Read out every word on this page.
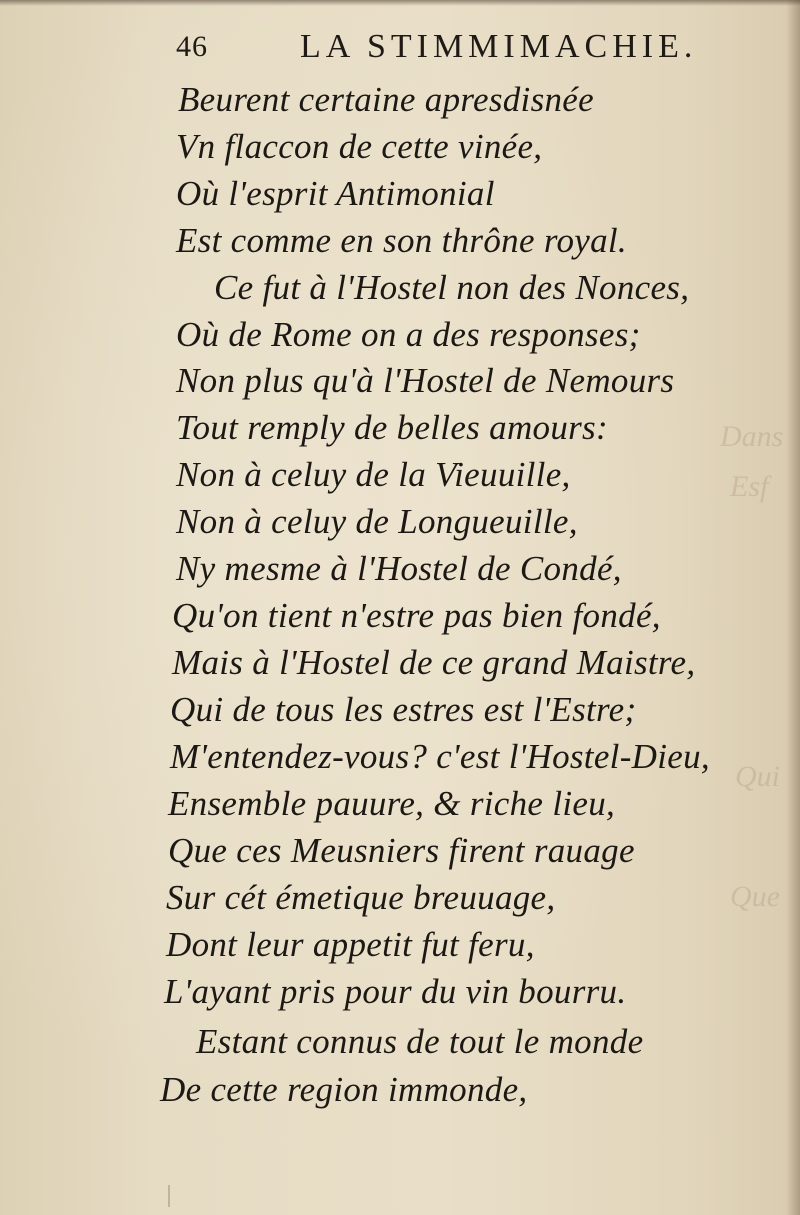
Dans
Esf
Qui
Que
46	LA STIMMIMACHIE.
Beurent certaine apresdisnée
Vn flaccon de cette vinée,
Où l'esprit Antimonial
Est comme en son thrône royal.
Ce fut à l'Hostel non des Nonces,
Où de Rome on a des responses;
Non plus qu'à l'Hostel de Nemours
Tout remply de belles amours:
Non à celuy de la Vieuuille,
Non à celuy de Longueuille,
Ny mesme à l'Hostel de Condé,
Qu'on tient n'estre pas bien fondé,
Mais à l'Hostel de ce grand Maistre,
Qui de tous les estres est l'Estre;
M'entendez-vous? c'est l'Hostel-Dieu,
Ensemble pauure, & riche lieu,
Que ces Meusniers firent rauage
Sur cét émetique breuuage,
Dont leur appetit fut feru,
L'ayant pris pour du vin bourru.
Estant connus de tout le monde
De cette region immonde,
